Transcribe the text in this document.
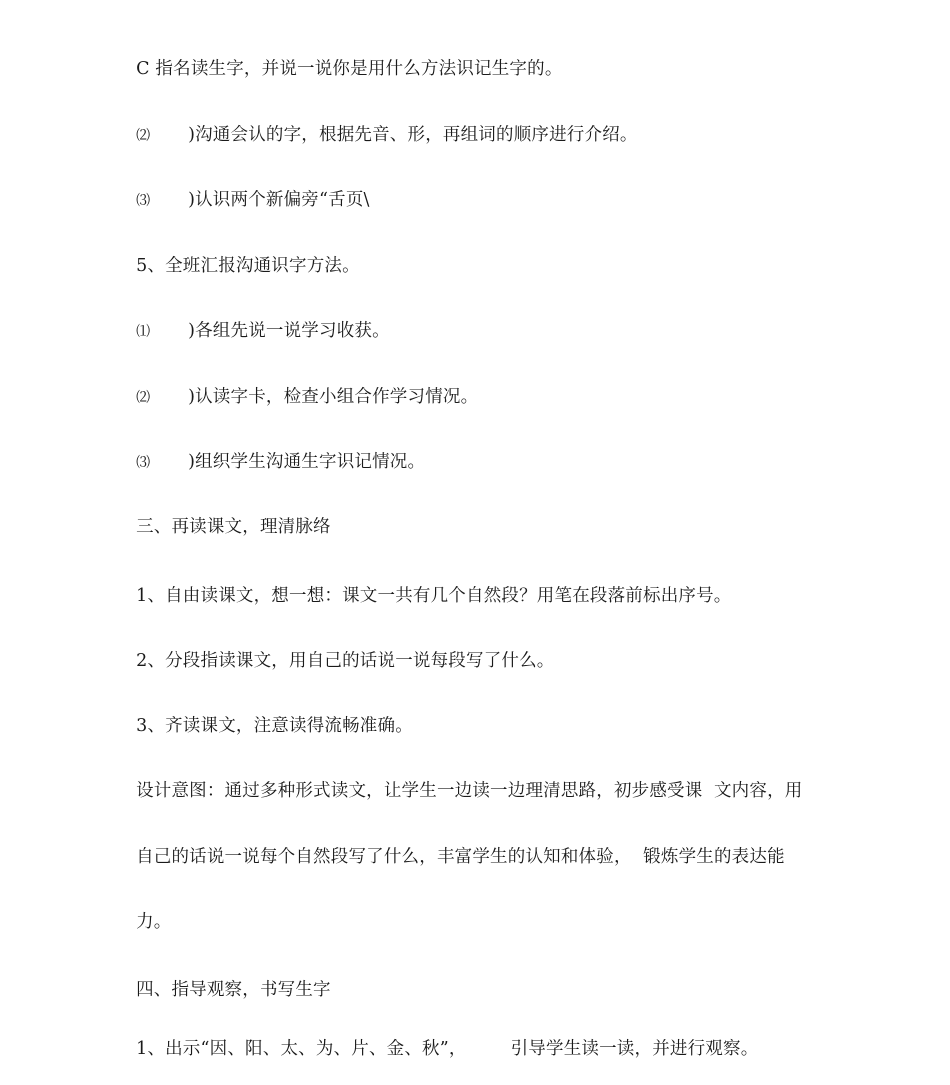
C 指名读生字，并说一说你是用什么方法识记生字的。

⑵ )沟通会认的字，根据先音、形，再组词的顺序进行介绍。

⑶ )认识两个新偏旁“舌页\

5、全班汇报沟通识字方法。

⑴ )各组先说一说学习收获。

⑵ )认读字卡，检查小组合作学习情况。

⑶ )组织学生沟通生字识记情况。

三、再读课文，理清脉络

1、自由读课文，想一想：课文一共有几个自然段？用笔在段落前标出序号。

2、分段指读课文，用自己的话说一说每段写了什么。

3、齐读课文，注意读得流畅准确。

设计意图：通过多种形式读文，让学生一边读一边理清思路，初步感受课  文内容，用

自己的话说一说每个自然段写了什么，丰富学生的认知和体验，  锻炼学生的表达能

力。

四、指导观察，书写生字

1、出示“因、阳、太、为、片、金、秋”，	引导学生读一读，并进行观察。
